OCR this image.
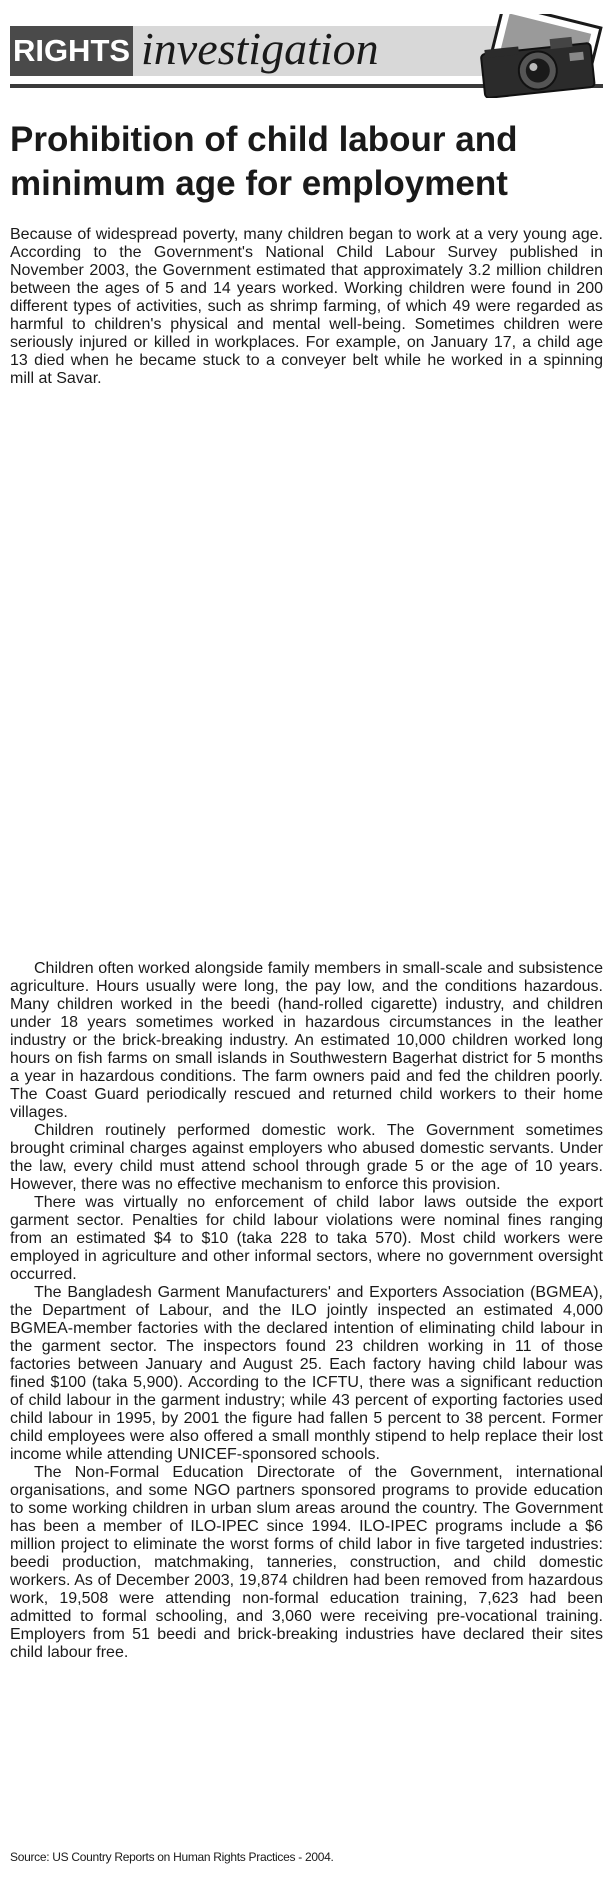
RIGHTS investigation
Prohibition of child labour and minimum age for employment

Because of widespread poverty, many children began to work at a very young age. According to the Government's National Child Labour Survey published in November 2003, the Government estimated that approximately 3.2 million children between the ages of 5 and 14 years worked. Working children were found in 200 different types of activities, such as shrimp farming, of which 49 were regarded as harmful to children's physical and mental well-being. Sometimes children were seriously injured or killed in workplaces. For example, on January 17, a child age 13 died when he became stuck to a conveyer belt while he worked in a spinning mill at Savar.

Children often worked alongside family members in small-scale and subsistence agriculture. Hours usually were long, the pay low, and the conditions hazardous. Many children worked in the beedi (hand-rolled cigarette) industry, and children under 18 years sometimes worked in hazardous circumstances in the leather industry or the brick-breaking industry. An estimated 10,000 children worked long hours on fish farms on small islands in Southwestern Bagerhat district for 5 months a year in hazardous conditions. The farm owners paid and fed the children poorly. The Coast Guard periodically rescued and returned child workers to their home villages.

Children routinely performed domestic work. The Government sometimes brought criminal charges against employers who abused domestic servants. Under the law, every child must attend school through grade 5 or the age of 10 years. However, there was no effective mechanism to enforce this provision.

There was virtually no enforcement of child labor laws outside the export garment sector. Penalties for child labour violations were nominal fines ranging from an estimated $4 to $10 (taka 228 to taka 570). Most child workers were employed in agriculture and other informal sectors, where no government oversight occurred.

The Bangladesh Garment Manufacturers' and Exporters Association (BGMEA), the Department of Labour, and the ILO jointly inspected an estimated 4,000 BGMEA-member factories with the declared intention of eliminating child labour in the garment sector. The inspectors found 23 children working in 11 of those factories between January and August 25. Each factory having child labour was fined $100 (taka 5,900). According to the ICFTU, there was a significant reduction of child labour in the garment industry; while 43 percent of exporting factories used child labour in 1995, by 2001 the figure had fallen 5 percent to 38 percent. Former child employees were also offered a small monthly stipend to help replace their lost income while attending UNICEF-sponsored schools.

The Non-Formal Education Directorate of the Government, international organisations, and some NGO partners sponsored programs to provide education to some working children in urban slum areas around the country. The Government has been a member of ILO-IPEC since 1994. ILO-IPEC programs include a $6 million project to eliminate the worst forms of child labor in five targeted industries: beedi production, matchmaking, tanneries, construction, and child domestic workers. As of December 2003, 19,874 children had been removed from hazardous work, 19,508 were attending non-formal education training, 7,623 had been admitted to formal schooling, and 3,060 were receiving pre-vocational training. Employers from 51 beedi and brick-breaking industries have declared their sites child labour free.

Source: US Country Reports on Human Rights Practices - 2004.
